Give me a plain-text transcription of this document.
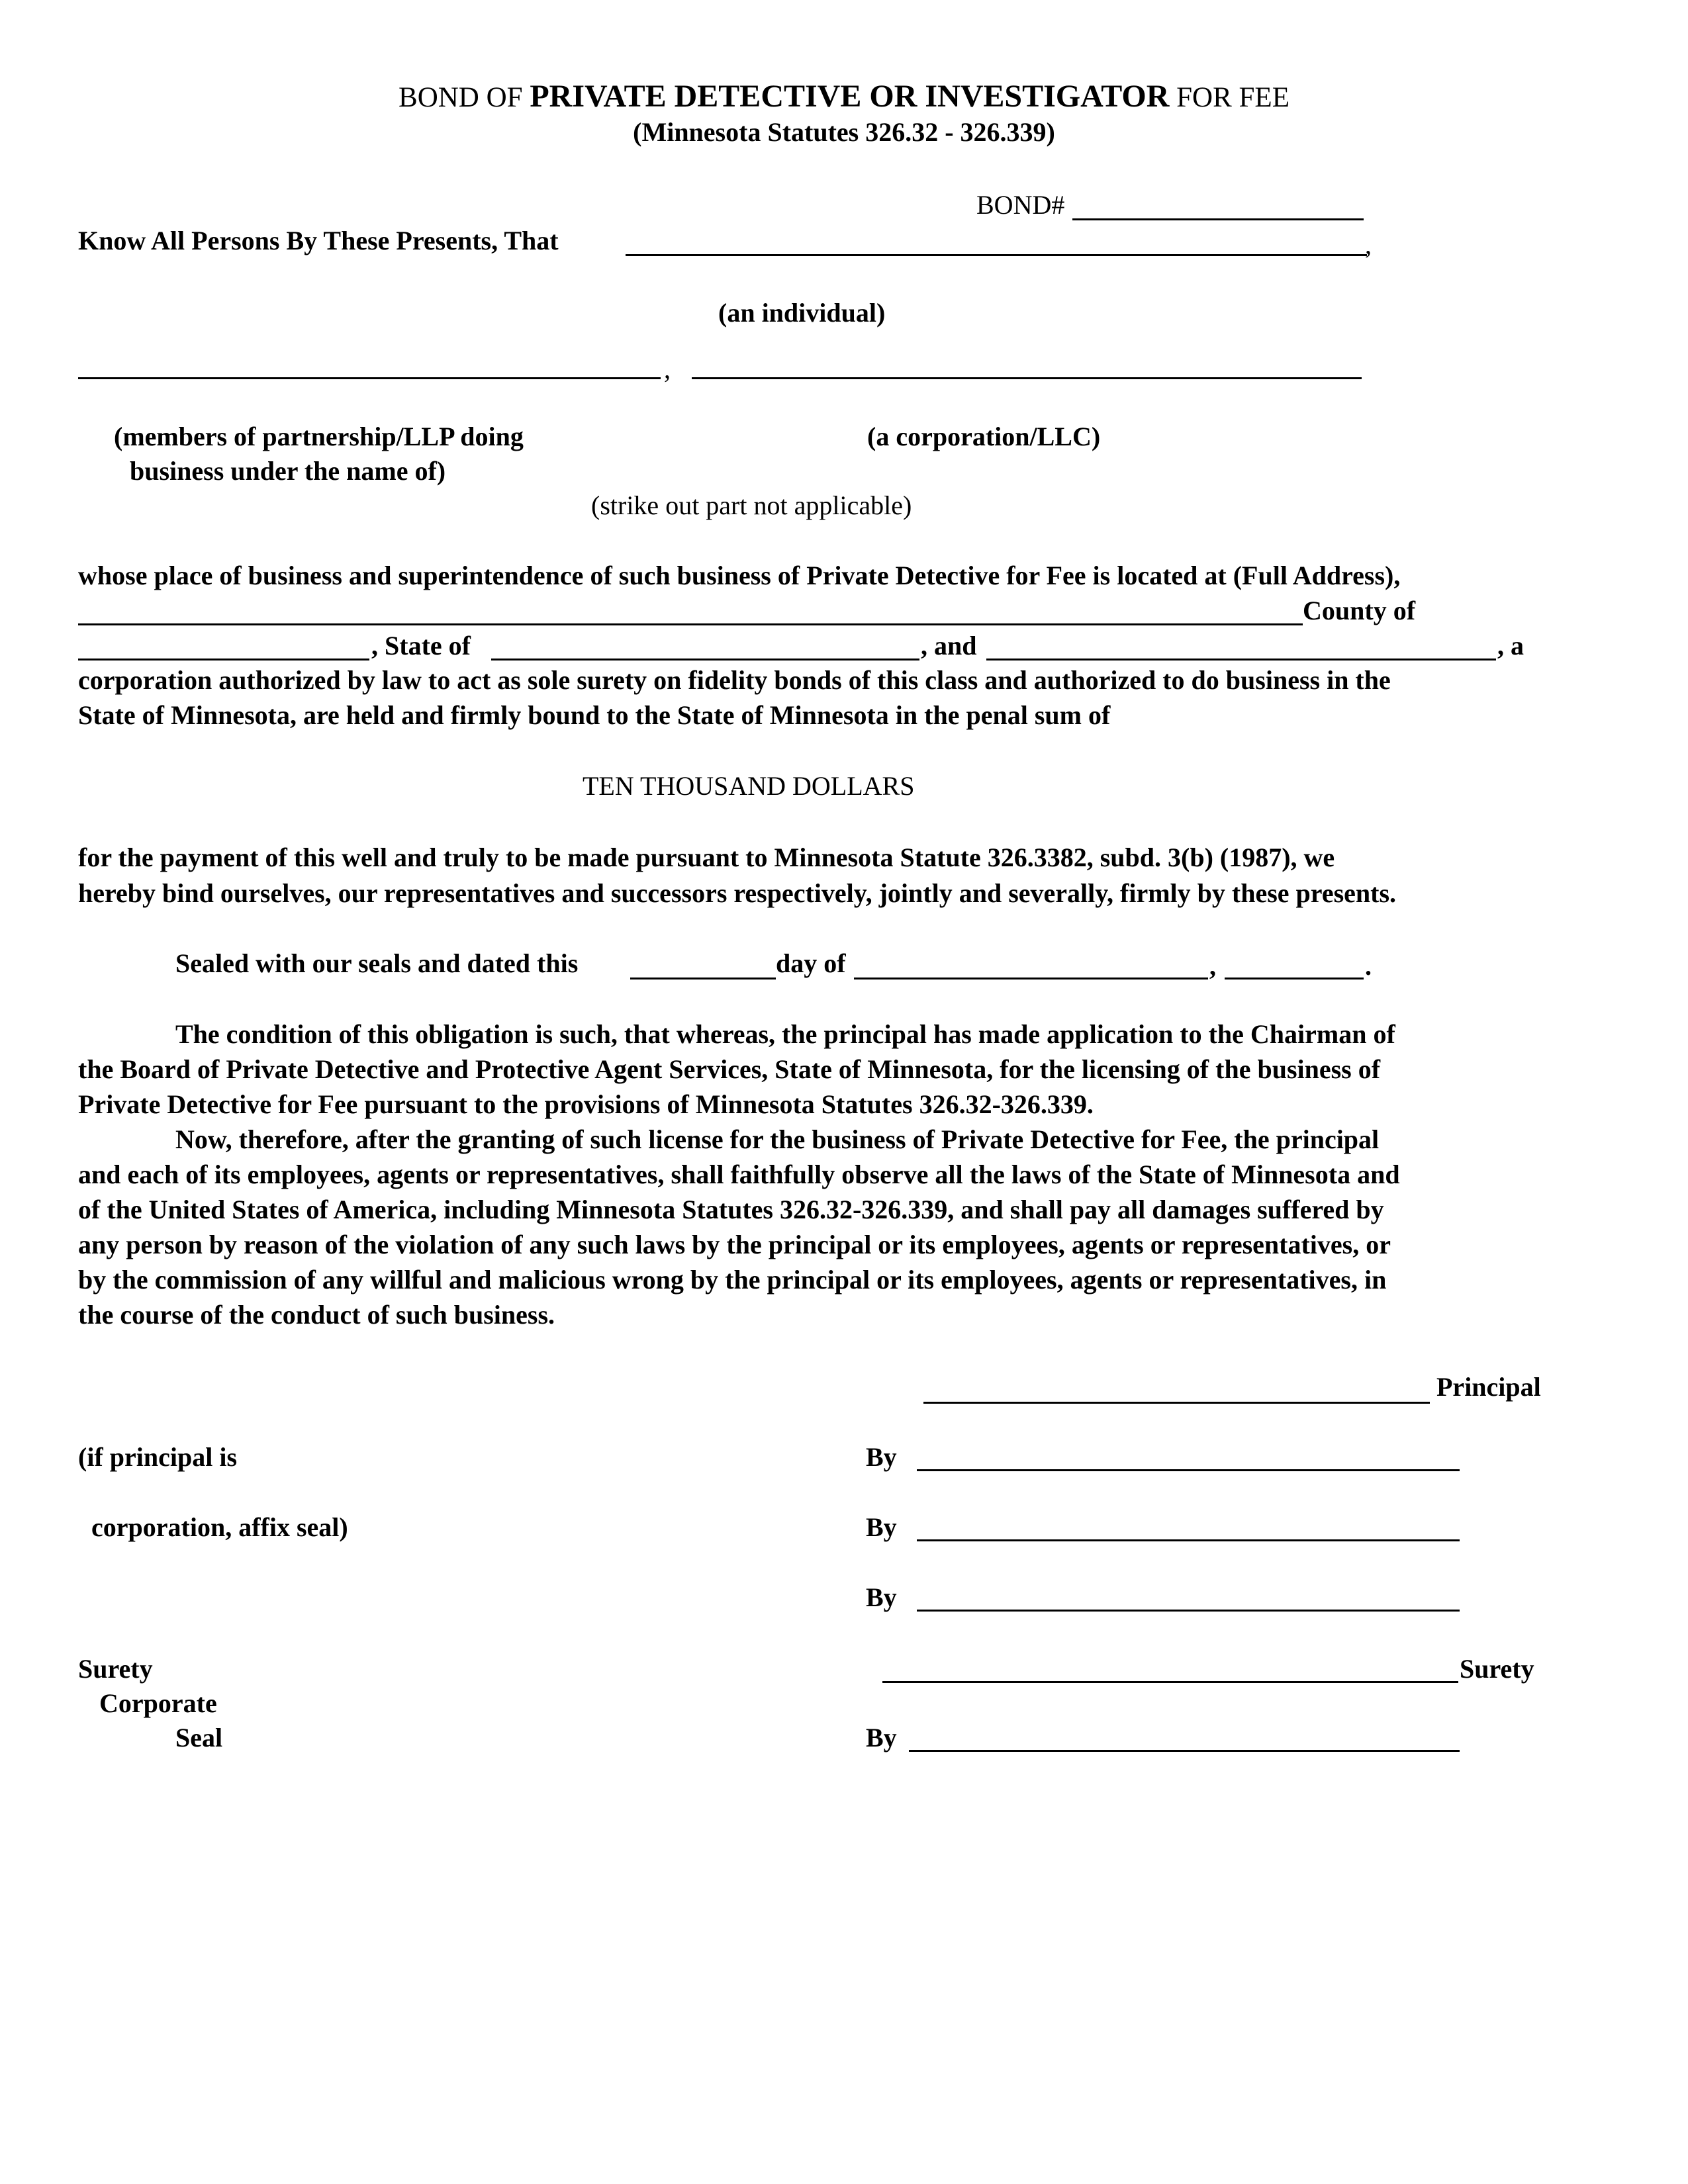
BOND OF PRIVATE DETECTIVE OR INVESTIGATOR FOR FEE
(Minnesota Statutes 326.32 - 326.339)
BOND#
Know All Persons By These Presents, That	,
(an individual)
,
(members of partnership/LLP doing
business under the name of)
(a corporation/LLC)
(strike out part not applicable)
whose place of business and superintendence of such business of Private Detective for Fee is located at (Full Address),
County of
, State of	, and	, a
corporation authorized by law to act as sole surety on fidelity bonds of this class and authorized to do business in the
State of Minnesota, are held and firmly bound to the State of Minnesota in the penal sum of
TEN THOUSAND DOLLARS
for the payment of this well and truly to be made pursuant to Minnesota Statute 326.3382, subd. 3(b) (1987), we
hereby bind ourselves, our representatives and successors respectively, jointly and severally, firmly by these presents.
Sealed with our seals and dated this	day of	,	.
The condition of this obligation is such, that whereas, the principal has made application to the Chairman of
the Board of Private Detective and Protective Agent Services, State of Minnesota, for the licensing of the business of
Private Detective for Fee pursuant to the provisions of Minnesota Statutes 326.32-326.339.
Now, therefore, after the granting of such license for the business of Private Detective for Fee, the principal
and each of its employees, agents or representatives, shall faithfully observe all the laws of the State of Minnesota and
of the United States of America, including Minnesota Statutes 326.32-326.339, and shall pay all damages suffered by
any person by reason of the violation of any such laws by the principal or its employees, agents or representatives, or
by the commission of any willful and malicious wrong by the principal or its employees, agents or representatives, in
the course of the conduct of such business.
Principal
(if principal is	By
corporation, affix seal)	By
By
Surety
Corporate
Seal
Surety
By
